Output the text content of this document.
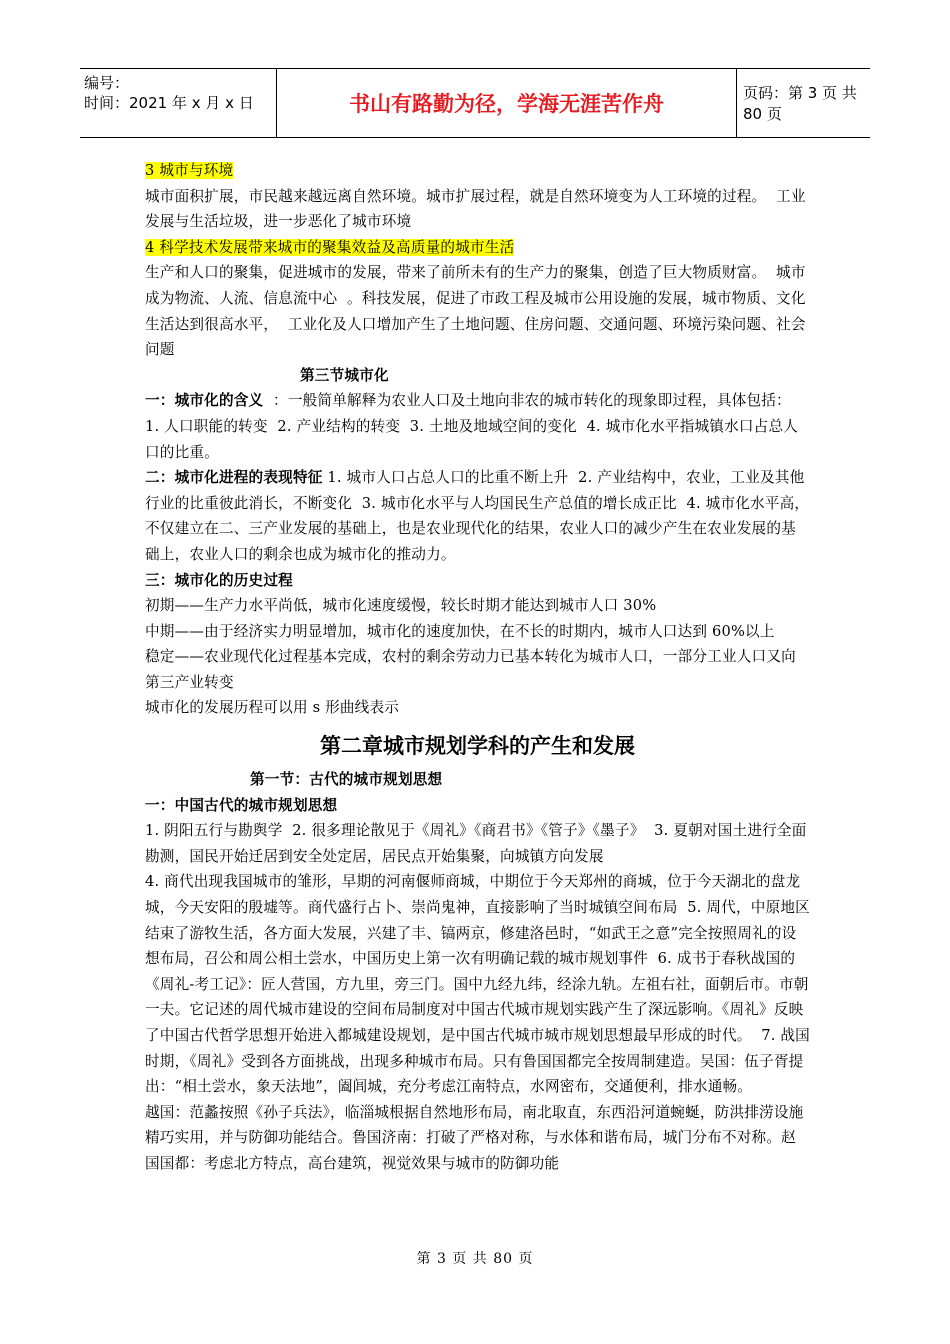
编号：
时间：2021 年 x 月 x 日	书山有路勤为径，学海无涯苦作舟	页码：第 3 页 共 80 页

3 城市与环境

城市面积扩展，市民越来越远离自然环境。城市扩展过程，就是自然环境变为人工环境的过程。  工业发展与生活垃圾，进一步恶化了城市环境

4 科学技术发展带来城市的聚集效益及高质量的城市生活

生产和人口的聚集，促进城市的发展，带来了前所未有的生产力的聚集，创造了巨大物质财富。  城市成为物流、人流、信息流中心  。科技发展，促进了市政工程及城市公用设施的发展，城市物质、文化生活达到很高水平，  工业化及人口增加产生了土地问题、住房问题、交通问题、环境污染问题、社会问题

第三节城市化

一：城市化的含义  ：一般简单解释为农业人口及土地向非农的城市转化的现象即过程，具体包括：  1. 人口职能的转变  2. 产业结构的转变  3. 土地及地域空间的变化  4. 城市化水平指城镇水口占总人口的比重。

二：城市化进程的表现特征 1. 城市人口占总人口的比重不断上升  2. 产业结构中，农业，工业及其他行业的比重彼此消长，不断变化  3. 城市化水平与人均国民生产总值的增长成正比  4. 城市化水平高，不仅建立在二、三产业发展的基础上，也是农业现代化的结果，农业人口的减少产生在农业发展的基础上，农业人口的剩余也成为城市化的推动力。

三：城市化的历史过程

初期——生产力水平尚低，城市化速度缓慢，较长时期才能达到城市人口 30%

中期——由于经济实力明显增加，城市化的速度加快，在不长的时期内，城市人口达到 60%以上

稳定——农业现代化过程基本完成，农村的剩余劳动力已基本转化为城市人口，一部分工业人口又向第三产业转变

城市化的发展历程可以用 s 形曲线表示

第二章城市规划学科的产生和发展

第一节：古代的城市规划思想

一：中国古代的城市规划思想

1. 阴阳五行与勘舆学  2. 很多理论散见于《周礼》《商君书》《管子》《墨子》  3. 夏朝对国土进行全面勘测，国民开始迁居到安全处定居，居民点开始集聚，向城镇方向发展

4. 商代出现我国城市的雏形，早期的河南偃师商城，中期位于今天郑州的商城，位于今天湖北的盘龙城，今天安阳的殷墟等。商代盛行占卜、崇尚鬼神，直接影响了当时城镇空间布局  5. 周代，中原地区结束了游牧生活，各方面大发展，兴建了丰、镐两京，修建洛邑时，“如武王之意”完全按照周礼的设想布局，召公和周公相土尝水，中国历史上第一次有明确记载的城市规划事件  6. 成书于春秋战国的《周礼-考工记》：匠人营国，方九里，旁三门。国中九经九纬，经涂九轨。左祖右社，面朝后市。市朝一夫。它记述的周代城市建设的空间布局制度对中国古代城市规划实践产生了深远影响。《周礼》反映了中国古代哲学思想开始进入都城建设规划，是中国古代城市城市规划思想最早形成的时代。  7. 战国时期，《周礼》受到各方面挑战，出现多种城市布局。只有鲁国国都完全按周制建造。吴国：伍子胥提出：“相土尝水，象天法地”，阖闾城，充分考虑江南特点，水网密布，交通便利，排水通畅。

越国：范蠡按照《孙子兵法》，临淄城根据自然地形布局，南北取直，东西沿河道蜿蜒，防洪排涝设施精巧实用，并与防御功能结合。鲁国济南：打破了严格对称，与水体和谐布局，城门分布不对称。赵国国都：考虑北方特点，高台建筑，视觉效果与城市的防御功能

第 3 页 共 80 页
